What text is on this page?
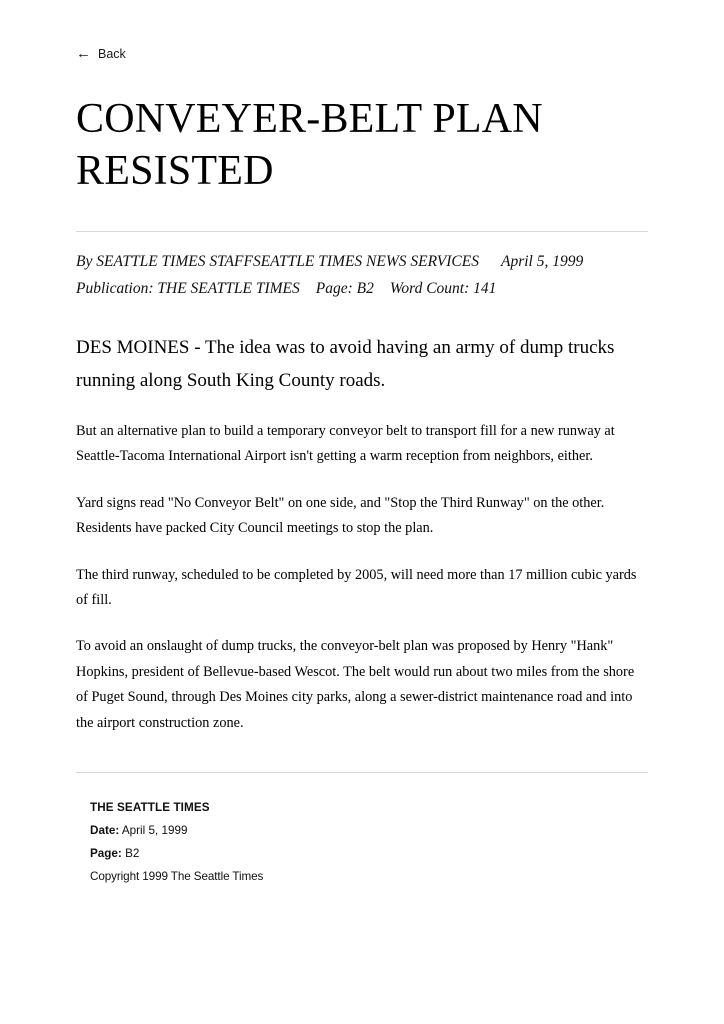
← Back
CONVEYER-BELT PLAN RESISTED
By SEATTLE TIMES STAFFSEATTLE TIMES NEWS SERVICES April 5, 1999
Publication: THE SEATTLE TIMES Page: B2 Word Count: 141

DES MOINES - The idea was to avoid having an army of dump trucks running along South King County roads.

But an alternative plan to build a temporary conveyor belt to transport fill for a new runway at Seattle-Tacoma International Airport isn't getting a warm reception from neighbors, either.

Yard signs read "No Conveyor Belt" on one side, and "Stop the Third Runway" on the other. Residents have packed City Council meetings to stop the plan.

The third runway, scheduled to be completed by 2005, will need more than 17 million cubic yards of fill.

To avoid an onslaught of dump trucks, the conveyor-belt plan was proposed by Henry "Hank" Hopkins, president of Bellevue-based Wescot. The belt would run about two miles from the shore of Puget Sound, through Des Moines city parks, along a sewer-district maintenance road and into the airport construction zone.

THE SEATTLE TIMES
Date: April 5, 1999
Page: B2
Copyright 1999 The Seattle Times
